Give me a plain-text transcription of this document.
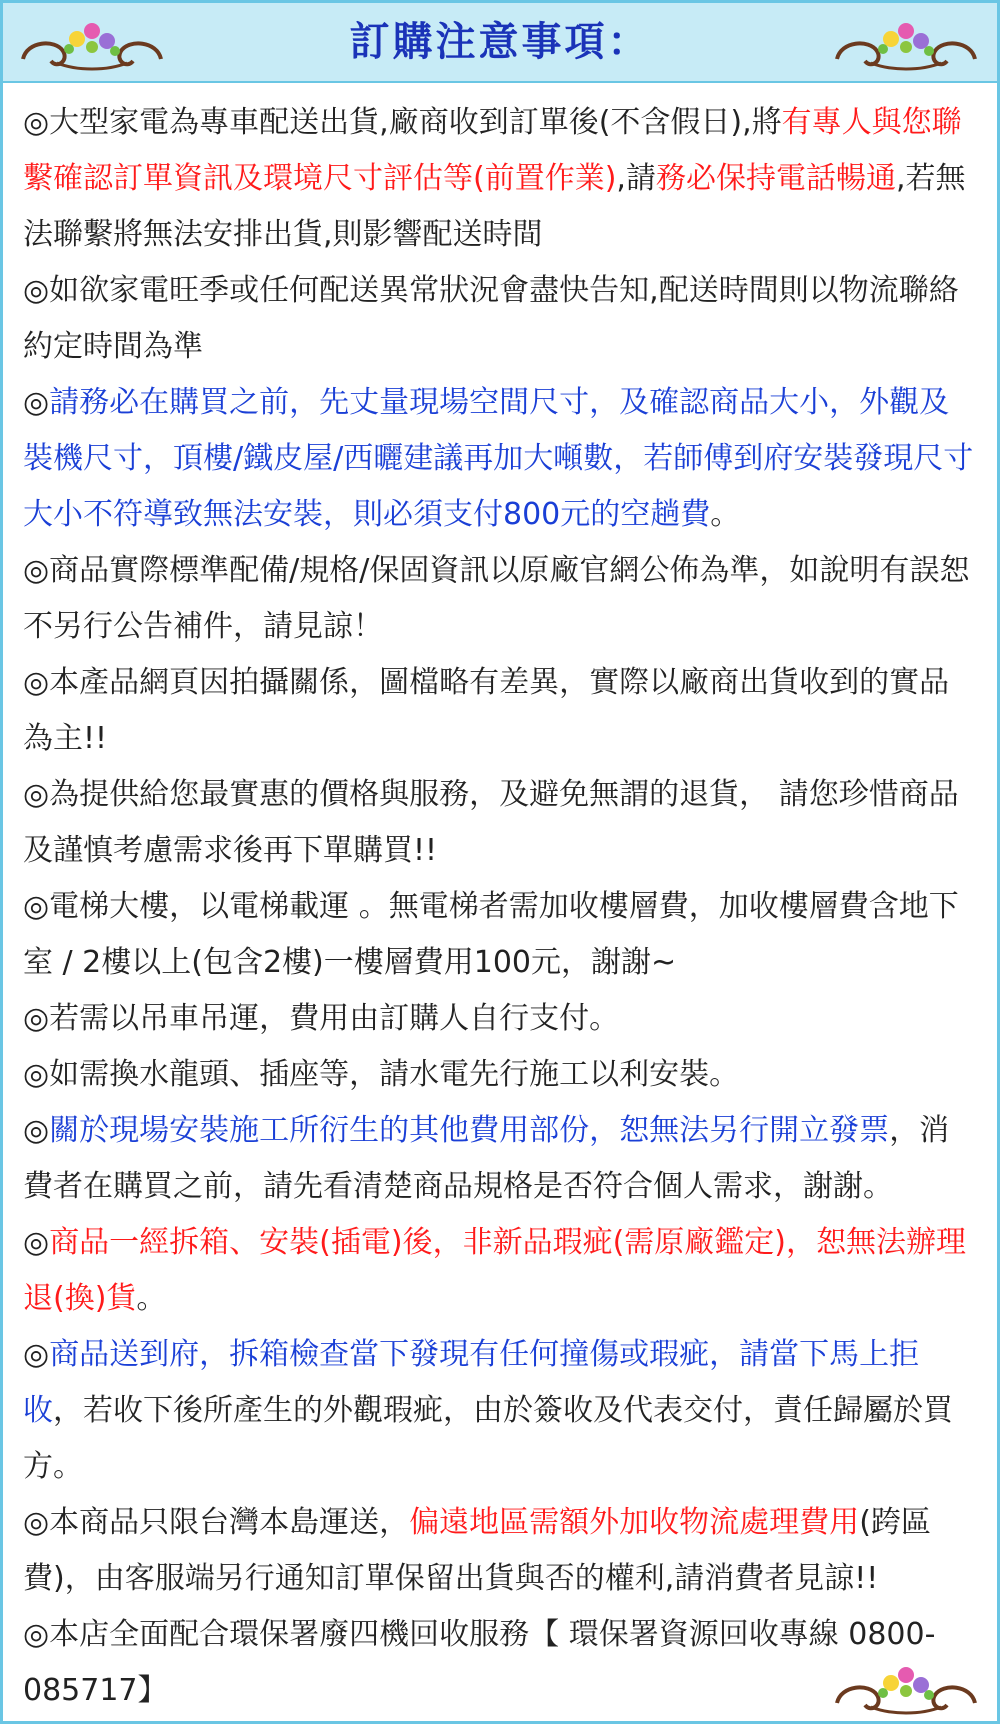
訂購注意事項：

◎大型家電為專車配送出貨,廠商收到訂單後(不含假日),將有專人與您聯繫確認訂單資訊及環境尺寸評估等(前置作業),請務必保持電話暢通,若無法聯繫將無法安排出貨,則影響配送時間

◎如欲家電旺季或任何配送異常狀況會盡快告知,配送時間則以物流聯絡約定時間為準

◎請務必在購買之前，先丈量現場空間尺寸，及確認商品大小，外觀及裝機尺寸，頂樓/鐵皮屋/西曬建議再加大噸數，若師傅到府安裝發現尺寸大小不符導致無法安裝，則必須支付800元的空趟費。

◎商品實際標準配備/規格/保固資訊以原廠官網公佈為準，如說明有誤恕不另行公告補件，請見諒！

◎本產品網頁因拍攝關係，圖檔略有差異，實際以廠商出貨收到的實品為主!!

◎為提供給您最實惠的價格與服務，及避免無謂的退貨， 請您珍惜商品及謹慎考慮需求後再下單購買!!

◎電梯大樓，以電梯載運 。無電梯者需加收樓層費，加收樓層費含地下室 / 2樓以上(包含2樓)一樓層費用100元，謝謝~

◎若需以吊車吊運，費用由訂購人自行支付。

◎如需換水龍頭、插座等，請水電先行施工以利安裝。

◎關於現場安裝施工所衍生的其他費用部份，恕無法另行開立發票，消費者在購買之前，請先看清楚商品規格是否符合個人需求，謝謝。

◎商品一經拆箱、安裝(插電)後，非新品瑕疵(需原廠鑑定)，恕無法辦理退(換)貨。

◎商品送到府，拆箱檢查當下發現有任何撞傷或瑕疵，請當下馬上拒收，若收下後所產生的外觀瑕疵，由於簽收及代表交付，責任歸屬於買方。

◎本商品只限台灣本島運送，偏遠地區需額外加收物流處理費用(跨區費)，由客服端另行通知訂單保留出貨與否的權利,請消費者見諒!!

◎本店全面配合環保署廢四機回收服務【 環保署資源回收專線 0800-085717】
